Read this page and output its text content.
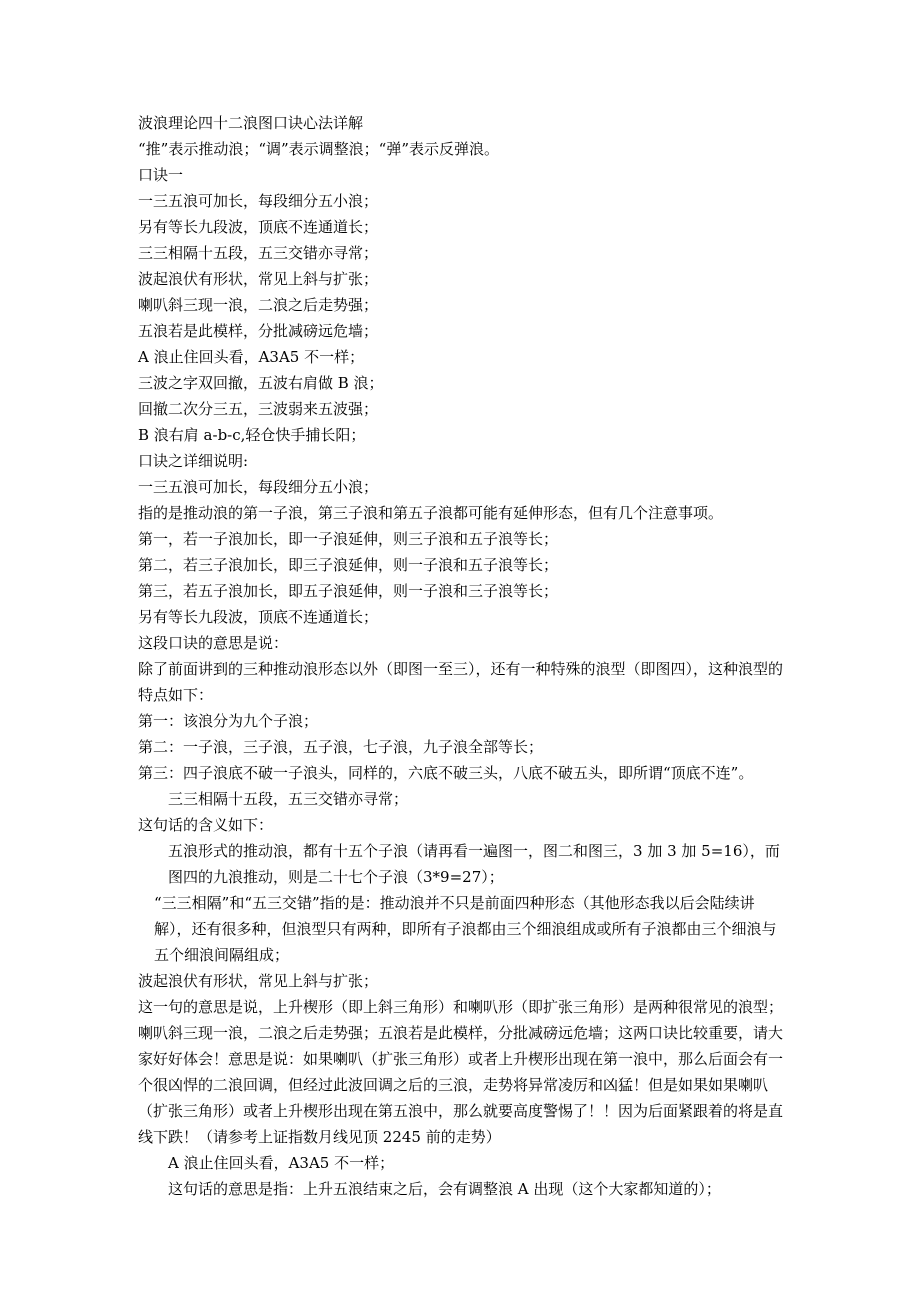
波浪理论四十二浪图口诀心法详解
“推”表示推动浪；“调”表示调整浪；“弹”表示反弹浪。
口诀一
一三五浪可加长，每段细分五小浪；
另有等长九段波，顶底不连通道长；
三三相隔十五段，五三交错亦寻常；
波起浪伏有形状，常见上斜与扩张；
喇叭斜三现一浪，二浪之后走势强；
五浪若是此模样，分批减磅远危墙；
A 浪止住回头看，A3A5 不一样；
三波之字双回撤，五波右肩做 B 浪；
回撤二次分三五，三波弱来五波强；
B 浪右肩 a-b-c,轻仓快手捕长阳；
口诀之详细说明:
一三五浪可加长，每段细分五小浪；
指的是推动浪的第一子浪，第三子浪和第五子浪都可能有延伸形态，但有几个注意事项。
第一，若一子浪加长，即一子浪延伸，则三子浪和五子浪等长；
第二，若三子浪加长，即三子浪延伸，则一子浪和五子浪等长；
第三，若五子浪加长，即五子浪延伸，则一子浪和三子浪等长；
另有等长九段波，顶底不连通道长；
这段口诀的意思是说：
除了前面讲到的三种推动浪形态以外（即图一至三），还有一种特殊的浪型（即图四），这种浪型的特点如下：
第一：该浪分为九个子浪；
第二：一子浪，三子浪，五子浪，七子浪，九子浪全部等长；
第三：四子浪底不破一子浪头，同样的，六底不破三头，八底不破五头，即所谓“顶底不连”。
三三相隔十五段，五三交错亦寻常；
这句话的含义如下：
五浪形式的推动浪，都有十五个子浪（请再看一遍图一，图二和图三，3 加 3 加 5=16），而图四的九浪推动，则是二十七个子浪（3*9=27）；
“三三相隔”和“五三交错”指的是：推动浪并不只是前面四种形态（其他形态我以后会陆续讲解），还有很多种，但浪型只有两种，即所有子浪都由三个细浪组成或所有子浪都由三个细浪与五个细浪间隔组成；
波起浪伏有形状，常见上斜与扩张；
这一句的意思是说，上升楔形（即上斜三角形）和喇叭形（即扩张三角形）是两种很常见的浪型；喇叭斜三现一浪，二浪之后走势强；五浪若是此模样，分批减磅远危墙；这两口诀比较重要，请大家好好体会！意思是说：如果喇叭（扩张三角形）或者上升楔形出现在第一浪中，那么后面会有一个很凶悍的二浪回调，但经过此波回调之后的三浪，走势将异常凌厉和凶猛！但是如果如果喇叭（扩张三角形）或者上升楔形出现在第五浪中，那么就要高度警惕了！！因为后面紧跟着的将是直线下跌！（请参考上证指数月线见顶 2245 前的走势）
A 浪止住回头看，A3A5 不一样；
这句话的意思是指：上升五浪结束之后，会有调整浪 A 出现（这个大家都知道的）；
